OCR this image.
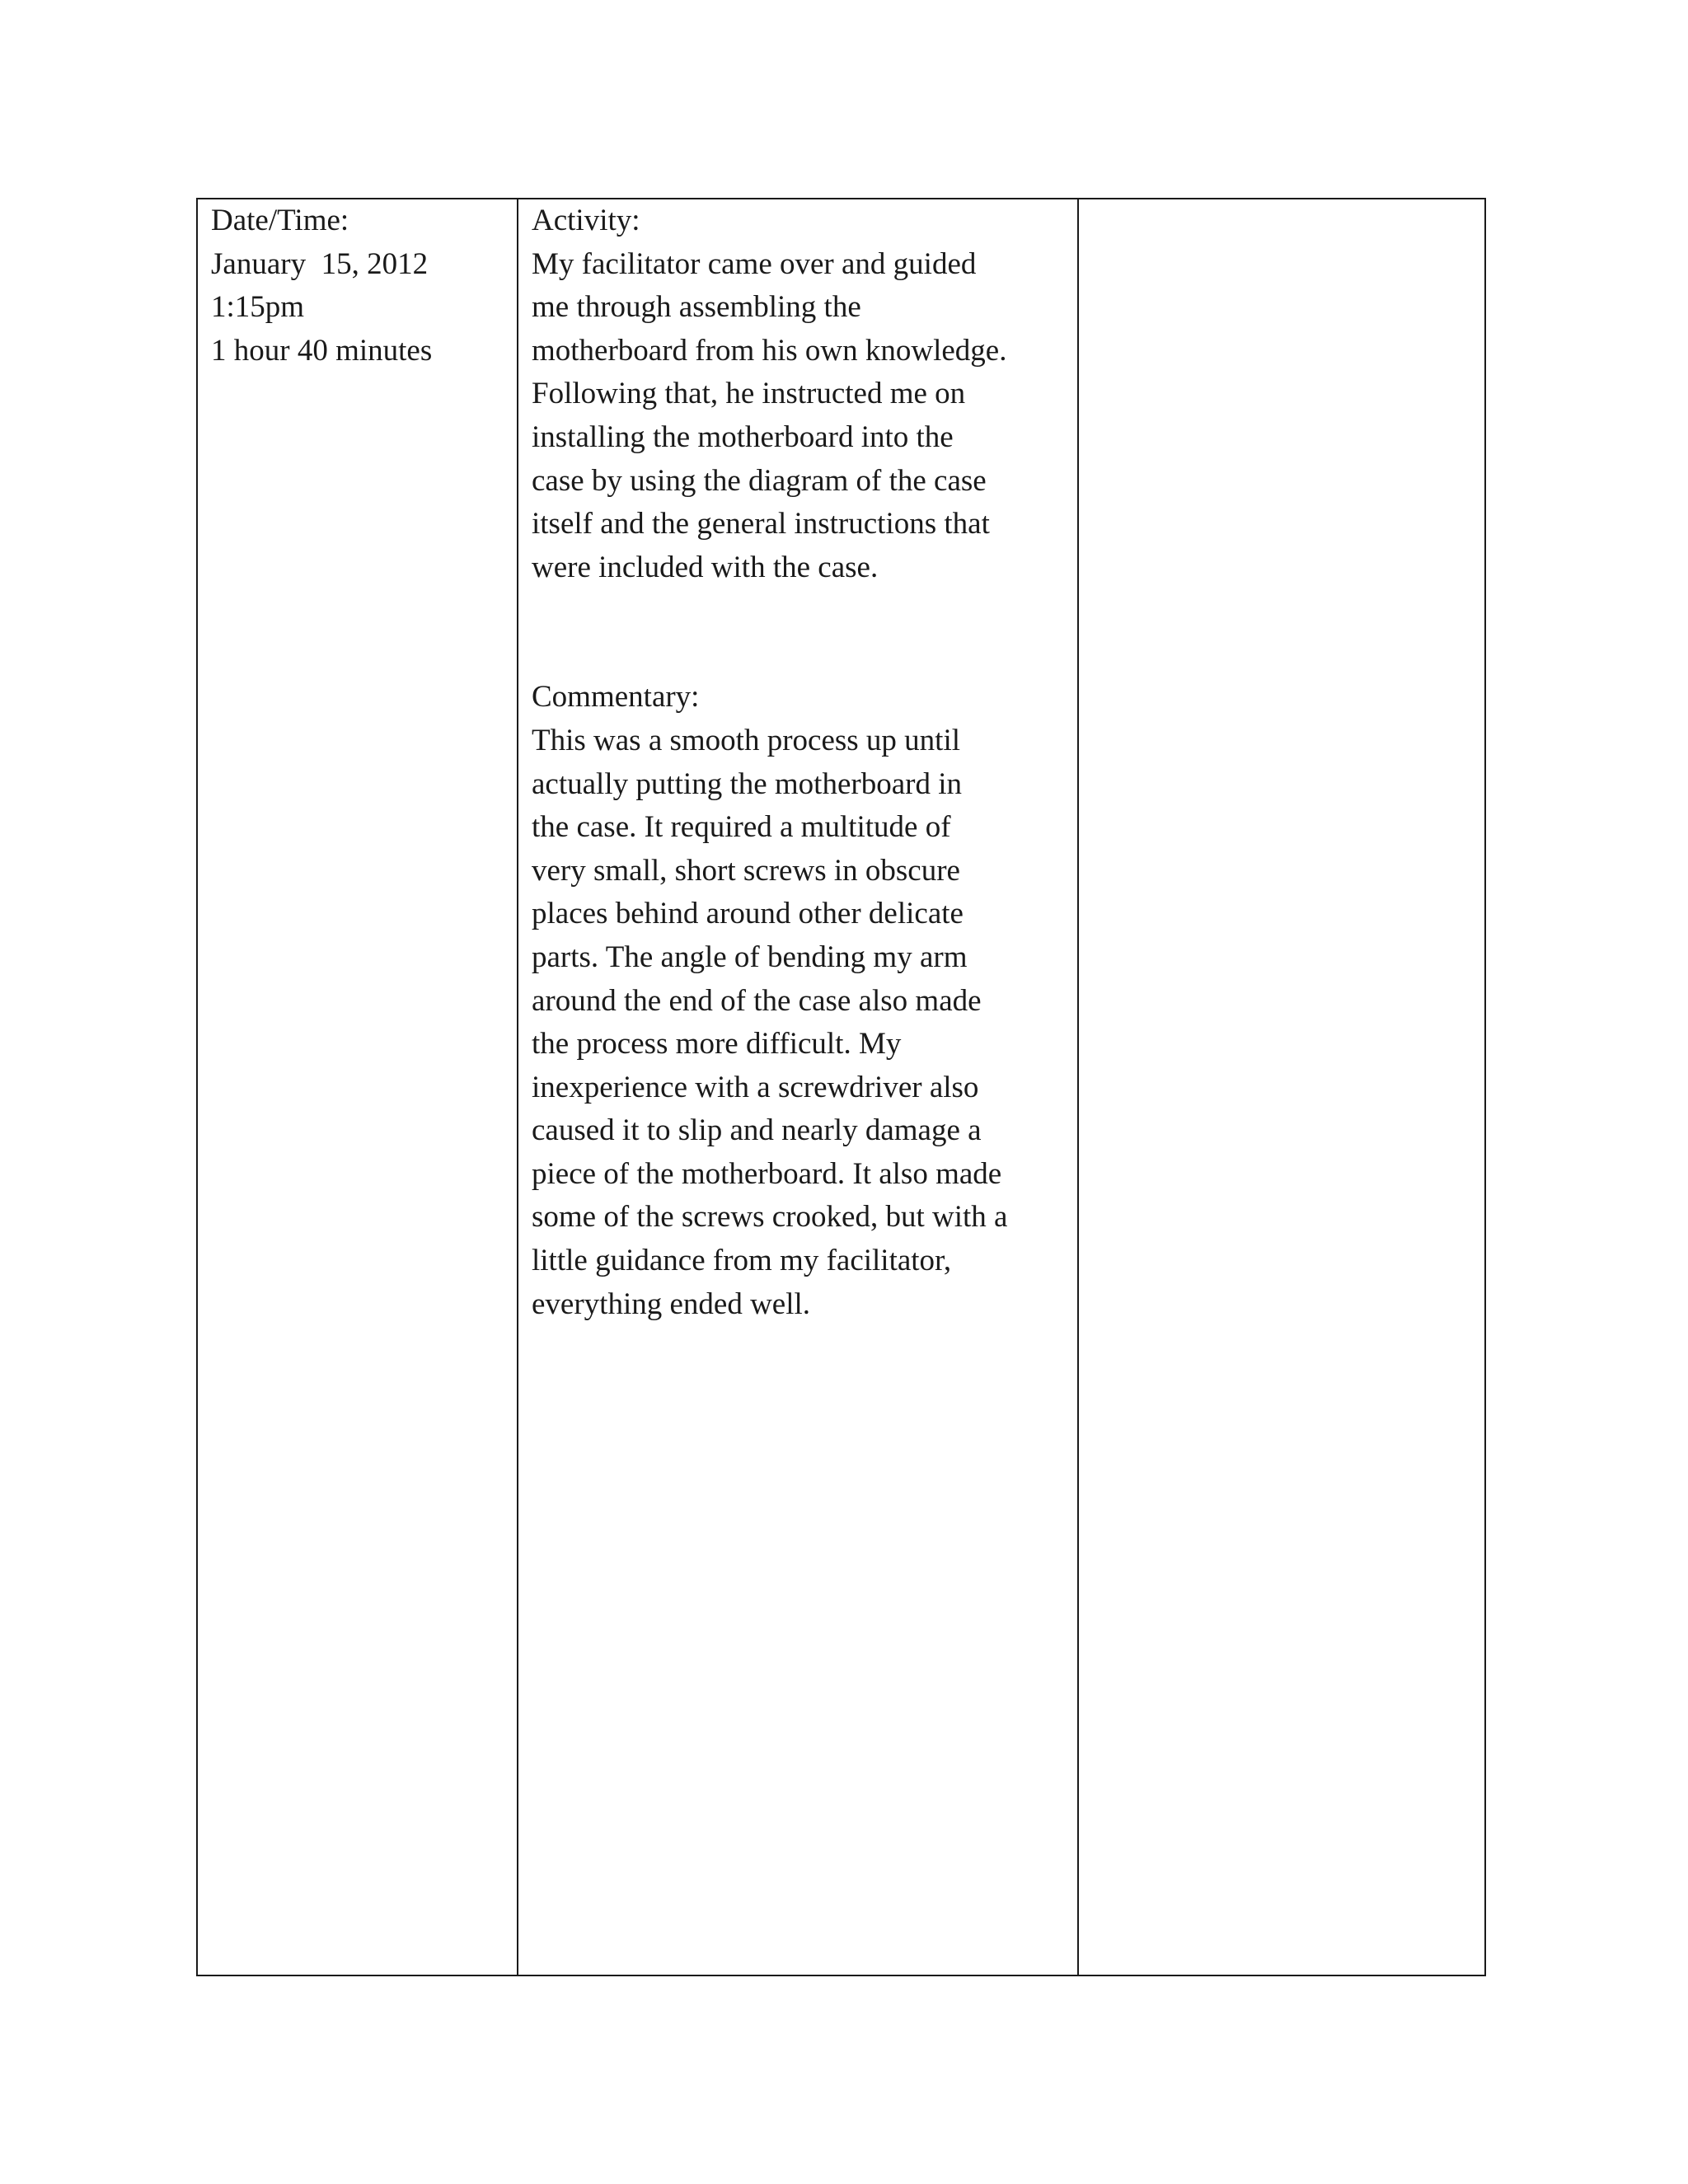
Date/Time:
January  15, 2012
1:15pm
1 hour 40 minutes
Activity:
My facilitator came over and guided
me through assembling the
motherboard from his own knowledge.
Following that, he instructed me on
installing the motherboard into the
case by using the diagram of the case
itself and the general instructions that
were included with the case.
Commentary:
This was a smooth process up until
actually putting the motherboard in
the case. It required a multitude of
very small, short screws in obscure
places behind around other delicate
parts. The angle of bending my arm
around the end of the case also made
the process more difficult. My
inexperience with a screwdriver also
caused it to slip and nearly damage a
piece of the motherboard. It also made
some of the screws crooked, but with a
little guidance from my facilitator,
everything ended well.
